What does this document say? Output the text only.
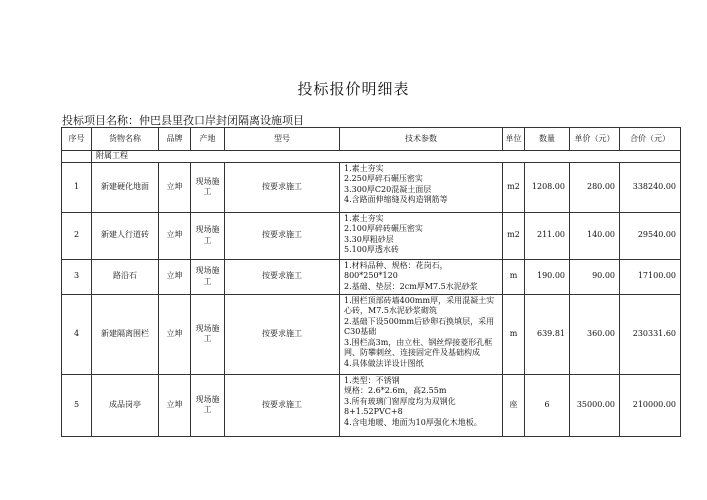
投标报价明细表
投标项目名称：仲巴县里孜口岸封闭隔离设施项目
序号	货物名称	品牌	产地	型号	技术参数	单位	数量	单价（元）	合价（元）
	附属工程								
1	新建硬化地面	立坤	现场施工	按要求施工	1.素土夯实
2.250厚碎石碾压密实
3.300厚C20混凝土面层
4.含路面伸缩缝及构造钢筋等	m2	1208.00	280.00	338240.00
2	新建人行道砖	立坤	现场施工	按要求施工	1.素土夯实
2.100厚碎砖碾压密实
3.30厚粗砂层
5.100厚透水砖	m2	211.00	140.00	29540.00
3	路沿石	立坤	现场施工	按要求施工	1.材料品种、规格：花岗石，800*250*120
2.基础、垫层：2cm厚M7.5水泥砂浆	m	190.00	90.00	17100.00
4	新建隔离围栏	立坤	现场施工	按要求施工	1.围栏顶部砖墙400mm厚，采用混凝土实心砖，M7.5水泥砂浆砌筑
2.基础下设500mm后砂卵石换填层，采用C30基础
3.围栏高3m，由立柱、钢丝焊接菱形孔框网、防攀刺丝、连接固定件及基础构成
4.具体做法详设计图纸	m	639.81	360.00	230331.60
5	成品岗亭	立坤	现场施工	按要求施工	1.类型：不锈钢
规格：2.6*2.6m，高2.55m
3.所有玻璃门窗厚度均为双钢化8+1.52PVC+8
4.含电地暖、地面为10厚强化木地板。	座	6	35000.00	210000.00
